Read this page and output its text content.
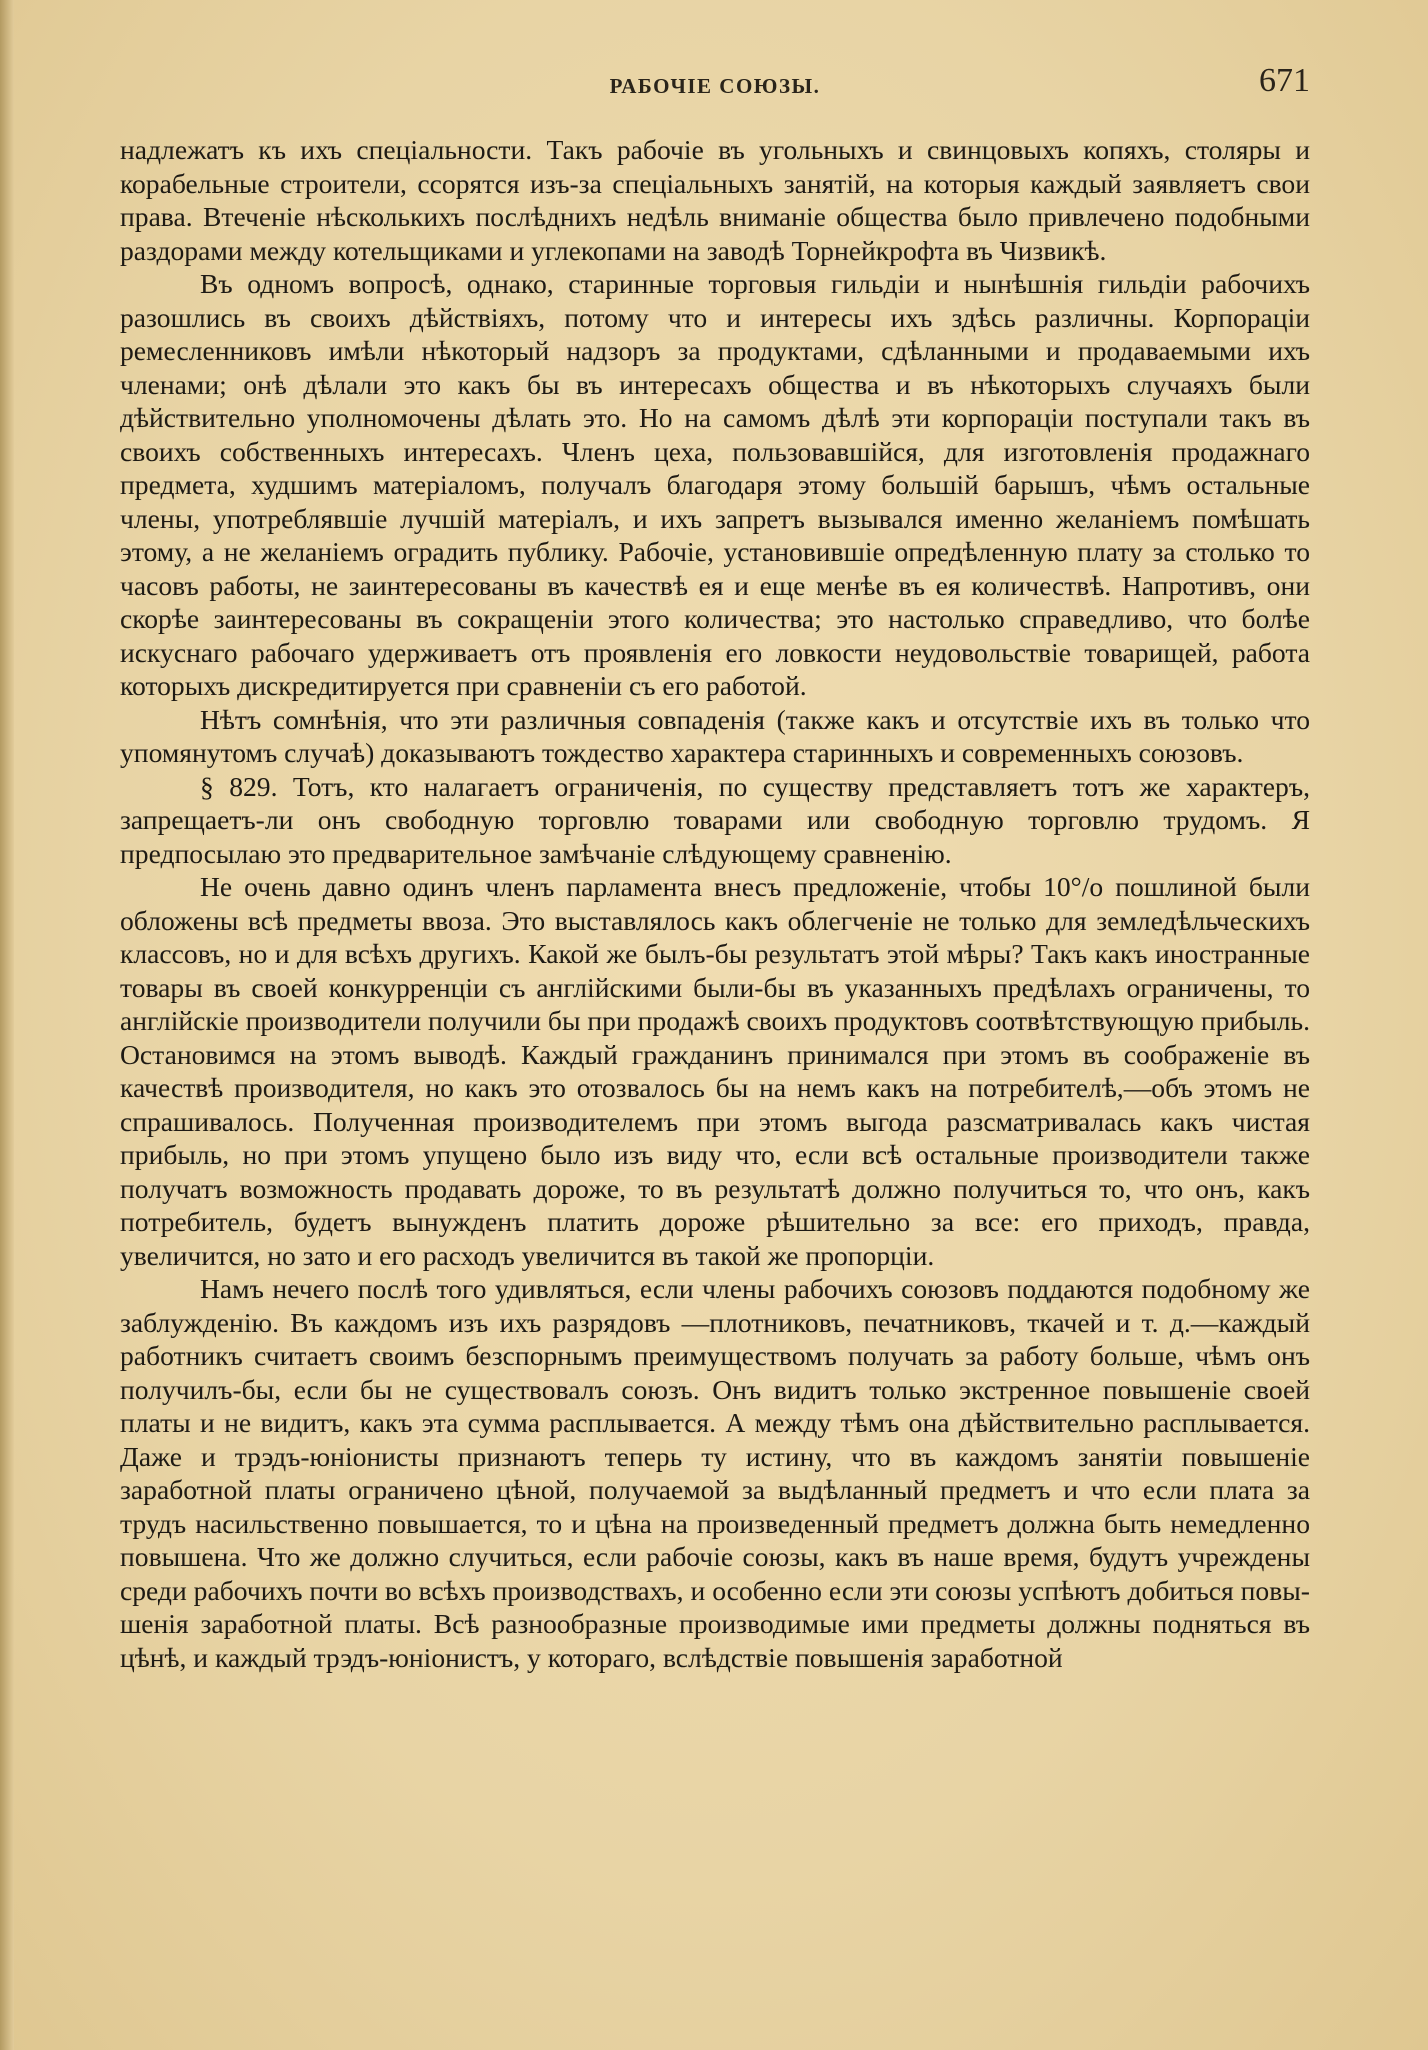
РАБОЧІЕ СОЮЗЫ.	671

надлежатъ къ ихъ спеціальности. Такъ рабочіе въ угольныхъ и свинцовыхъ копяхъ, столяры и корабельные строители, ссорятся изъ-за спеціальныхъ занятій, на которыя каждый заявляетъ свои права. Втеченіе нѣсколькихъ послѣднихъ недѣль вниманіе общества было привлечено подобными раздорами между котельщиками и углекопами на заводѣ Торнейкрофта въ Чизвикѣ.

Въ одномъ вопросѣ, однако, старинные торговыя гильдіи и нынѣшнія гильдіи рабочихъ разошлись въ своихъ дѣйствіяхъ, потому что и интересы ихъ здѣсь различны. Корпораціи ремесленниковъ имѣли нѣкоторый надзоръ за продуктами, сдѣланными и продаваемыми ихъ членами; онѣ дѣлали это какъ бы въ интересахъ общества и въ нѣкоторыхъ случаяхъ были дѣйствительно уполномочены дѣлать это. Но на самомъ дѣлѣ эти корпораціи поступали такъ въ своихъ собственныхъ интересахъ. Членъ цеха, пользовавшійся, для изготовленія продажнаго предмета, худшимъ матеріаломъ, получалъ благодаря этому большій барышъ, чѣмъ остальные члены, употреблявшіе лучшій матеріалъ, и ихъ запретъ вызывался именно желаніемъ помѣшать этому, а не желаніемъ оградить публику. Рабочіе, установившіе опредѣленную плату за столько то часовъ работы, не заинтересованы въ качествѣ ея и еще менѣе въ ея количествѣ. Напротивъ, они скорѣе заинтересованы въ сокращеніи этого количества; это настолько справедливо, что болѣе искуснаго рабочаго удерживаетъ отъ проявленія его ловкости неудовольствіе товарищей, работа которыхъ дискредитируется при сравненіи съ его работой.

Нѣтъ сомнѣнія, что эти различныя совпаденія (также какъ и отсутствіе ихъ въ только что упомянутомъ случаѣ) доказываютъ тождество характера старинныхъ и современныхъ союзовъ.

§ 829. Тотъ, кто налагаетъ ограниченія, по существу представляетъ тотъ же характеръ, запрещаетъ-ли онъ свободную торговлю товарами или свободную торговлю трудомъ. Я предпосылаю это предварительное замѣчаніе слѣдующему сравненію.

Не очень давно одинъ членъ парламента внесъ предложеніе, чтобы 10°/о пошлиной были обложены всѣ предметы ввоза. Это выставлялось какъ облегченіе не только для земледѣльческихъ классовъ, но и для всѣхъ другихъ. Какой же былъ-бы результатъ этой мѣры? Такъ какъ иностранные товары въ своей конкурренціи съ англійскими были-бы въ указанныхъ предѣлахъ ограничены, то англійскіе производители получили бы при продажѣ своихъ продуктовъ соотвѣтствующую прибыль. Остановимся на этомъ выводѣ. Каждый гражданинъ принимался при этомъ въ соображеніе въ качествѣ производителя, но какъ это отозвалось бы на немъ какъ на потребителѣ,—объ этомъ не спрашивалось. Полученная производителемъ при этомъ выгода разсматривалась какъ чистая прибыль, но при этомъ упущено было изъ виду что, если всѣ остальные производители также получатъ возможность продавать дороже, то въ результатѣ должно получиться то, что онъ, какъ потребитель, будетъ вынужденъ платить дороже рѣшительно за все: его приходъ, правда, увеличится, но зато и его расходъ увеличится въ такой же пропорціи.

Намъ нечего послѣ того удивляться, если члены рабочихъ союзовъ поддаются подобному же заблужденію. Въ каждомъ изъ ихъ разрядовъ —плотниковъ, печатниковъ, ткачей и т. д.—каждый работникъ считаетъ своимъ безспорнымъ преимуществомъ получать за работу больше, чѣмъ онъ получилъ-бы, если бы не существовалъ союзъ. Онъ видитъ только экстренное повышеніе своей платы и не видитъ, какъ эта сумма расплывается. А между тѣмъ она дѣйствительно расплывается. Даже и трэдъ-юніонисты признаютъ теперь ту истину, что въ каждомъ занятіи повышеніе заработной платы ограничено цѣной, получаемой за выдѣланный предметъ и что если плата за трудъ насильственно повышается, то и цѣна на произведенный предметъ должна быть немедленно повышена. Что же должно случиться, если рабочіе союзы, какъ въ наше время, будутъ учреждены среди рабочихъ почти во всѣхъ производствахъ, и особенно если эти союзы успѣютъ добиться повышенія заработной платы. Всѣ разнообразные производимые ими предметы должны подняться въ цѣнѣ, и каждый трэдъ-юніонистъ, у котораго, вслѣдствіе повышенія заработной
